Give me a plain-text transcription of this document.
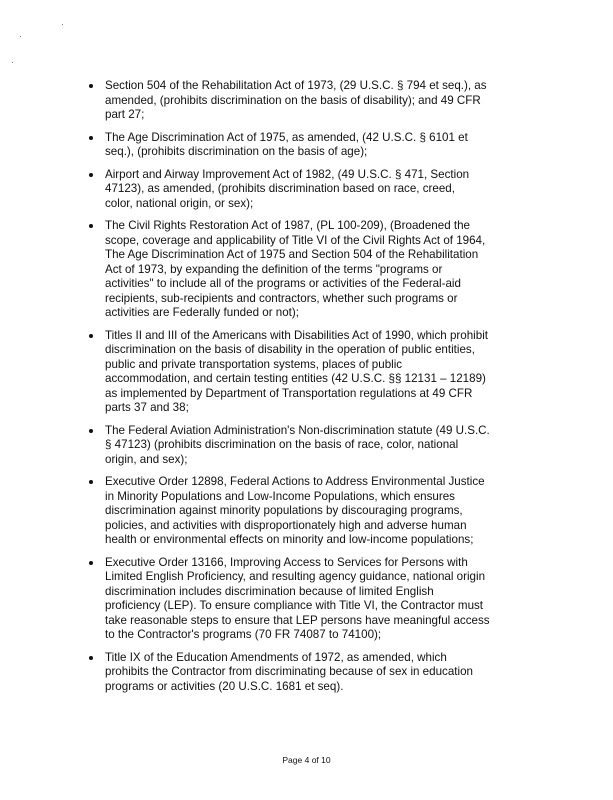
Section 504 of the Rehabilitation Act of 1973, (29 U.S.C. § 794 et seq.), as
amended, (prohibits discrimination on the basis of disability); and 49 CFR
part 27;
The Age Discrimination Act of 1975, as amended, (42 U.S.C. § 6101 et
seq.), (prohibits discrimination on the basis of age);
Airport and Airway Improvement Act of 1982, (49 U.S.C. § 471, Section
47123), as amended, (prohibits discrimination based on race, creed,
color, national origin, or sex);
The Civil Rights Restoration Act of 1987, (PL 100-209), (Broadened the
scope, coverage and applicability of Title VI of the Civil Rights Act of 1964,
The Age Discrimination Act of 1975 and Section 504 of the Rehabilitation
Act of 1973, by expanding the definition of the terms "programs or
activities" to include all of the programs or activities of the Federal-aid
recipients, sub-recipients and contractors, whether such programs or
activities are Federally funded or not);
Titles II and III of the Americans with Disabilities Act of 1990, which prohibit
discrimination on the basis of disability in the operation of public entities,
public and private transportation systems, places of public
accommodation, and certain testing entities (42 U.S.C. §§ 12131 – 12189)
as implemented by Department of Transportation regulations at 49 CFR
parts 37 and 38;
The Federal Aviation Administration's Non-discrimination statute (49 U.S.C.
§ 47123) (prohibits discrimination on the basis of race, color, national
origin, and sex);
Executive Order 12898, Federal Actions to Address Environmental Justice
in Minority Populations and Low-Income Populations, which ensures
discrimination against minority populations by discouraging programs,
policies, and activities with disproportionately high and adverse human
health or environmental effects on minority and low-income populations;
Executive Order 13166, Improving Access to Services for Persons with
Limited English Proficiency, and resulting agency guidance, national origin
discrimination includes discrimination because of limited English
proficiency (LEP). To ensure compliance with Title VI, the Contractor must
take reasonable steps to ensure that LEP persons have meaningful access
to the Contractor's programs (70 FR 74087 to 74100);
Title IX of the Education Amendments of 1972, as amended, which
prohibits the Contractor from discriminating because of sex in education
programs or activities (20 U.S.C. 1681 et seq).
Page 4 of 10
